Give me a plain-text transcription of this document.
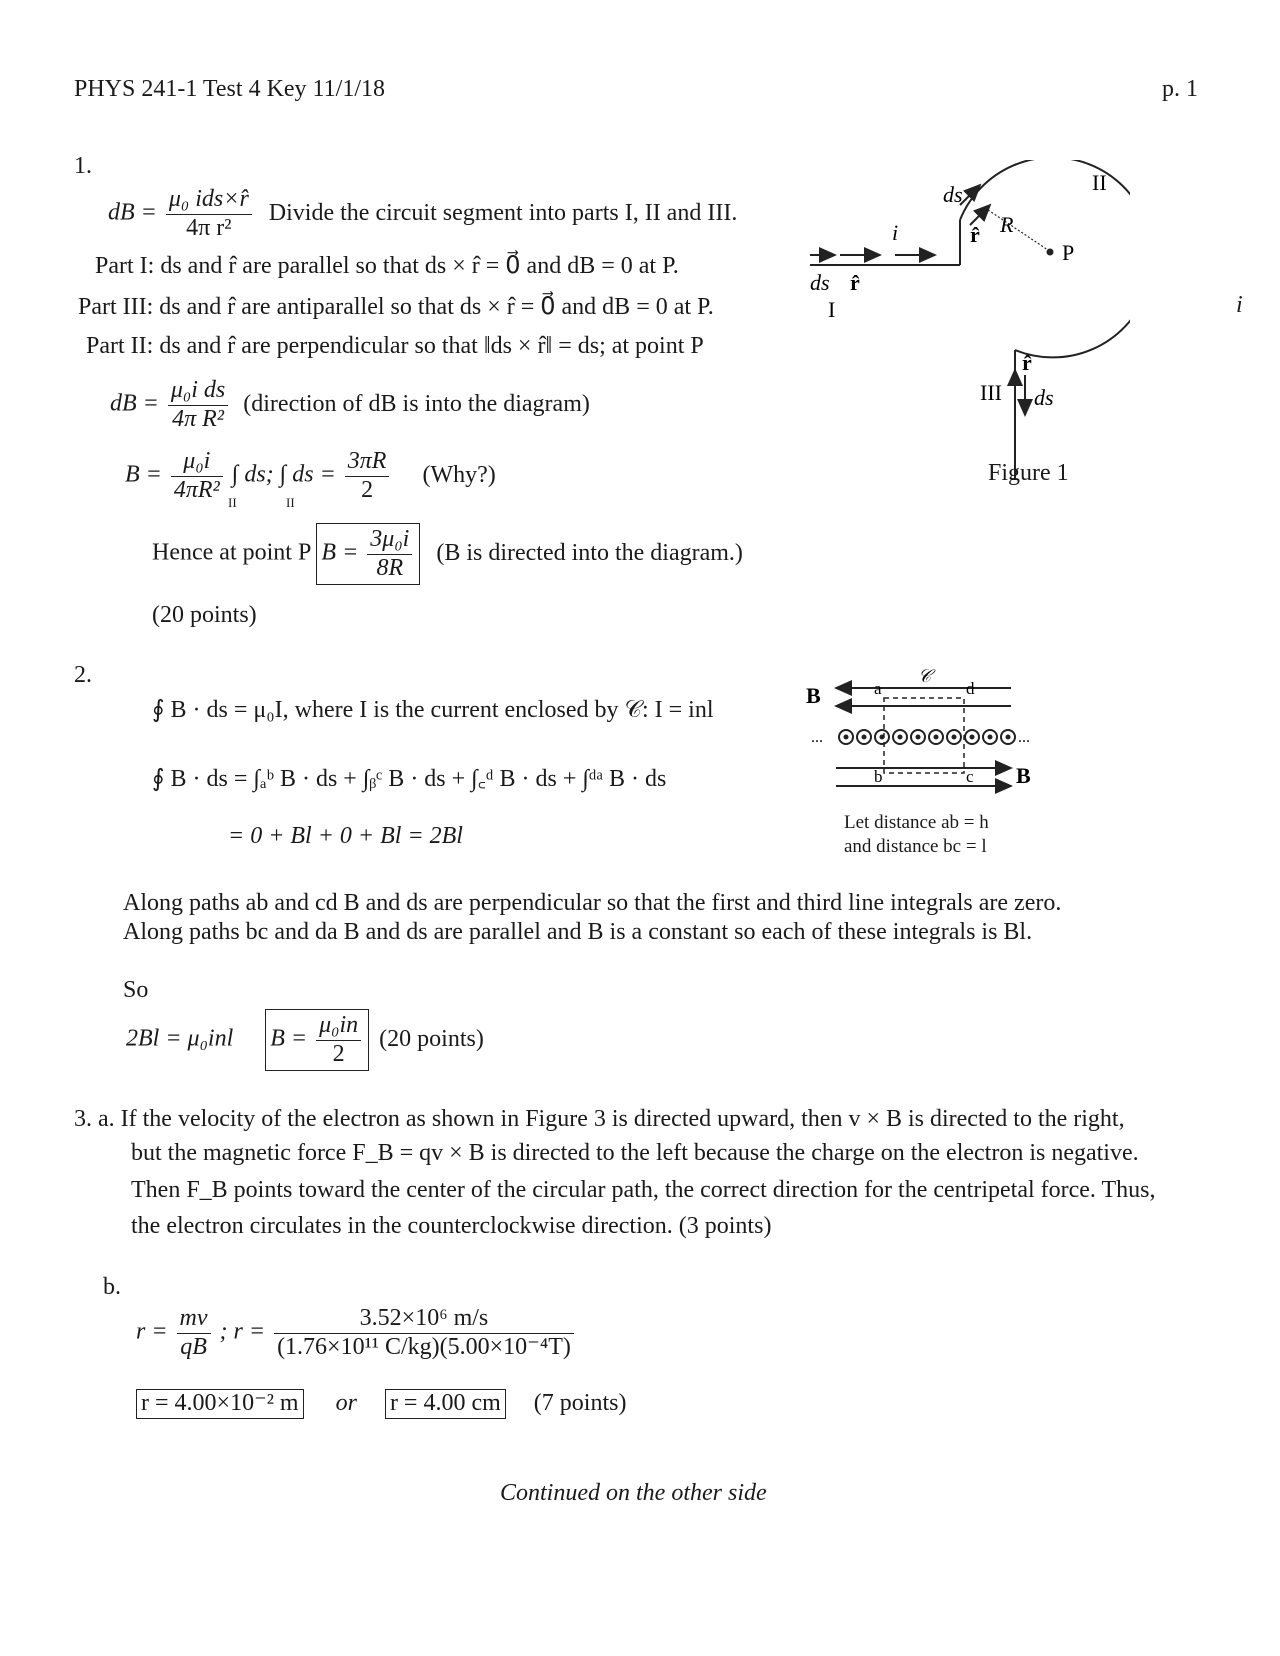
PHYS 241-1 Test 4 Key 11/1/18	p. 1
i
1.
dB = $\frac{\text{μ₀ ids×r̂}}{\text{4π r²}}$ Divide the circuit segment into parts I, II and III.
Part I: ds and r̂ are parallel so that ds × r̂ = 0⃗ and dB = 0 at P.
Part III: ds and r̂ are antiparallel so that ds × r̂ = 0⃗ and dB = 0 at P.
Part II: ds and r̂ are perpendicular so that ‖ds × r̂‖ = ds; at point P
dB = $\frac{\text{μ₀i ds}}{\text{4π R²}}$ (direction of dB is into the diagram)
$B = \frac{\text{μ₀i}}{\text{4πR²}}$ ∫ ds; ∫ ds = $\frac{3\pi R}{2}$ (Why?)
II	II
Hence at point P $B = \frac{\text{3μ₀i}}{8R} (B$ is directed into the diagram.)
(20 points)
ds
r̂ R
P
i
ds r̂
I
II
III
r̂
ds
Figure 1
2.
∮ B · ds = μ₀I, where I is the current enclosed by 𝒞: I = inl
∮ B · ds = ∫ₐᵇ B · ds + ∫ᵦᶜ B · ds + ∫꜀ᵈ B · ds + ∫ᵈᵃ B · ds
= 0 + Bl + 0 + Bl = 2Bl
...	...
B
B
𝒞
a
b	c
d
Let distance ab = h
and distance bc = l
Along paths ab and cd B and ds are perpendicular so that the first and third line integrals are zero.
Along paths bc and da B and ds are parallel and B is a constant so each of these integrals is Bl.
So
2Bl = μ₀inl $B = \frac{\text{μ₀in}}{2} (20$ points)
3. a. If the velocity of the electron as shown in Figure 3 is directed upward, then v × B is directed to the right,
but the magnetic force F_B = qv × B is directed to the left because the charge on the electron is negative.
Then F_B points toward the center of the circular path, the correct direction for the centripetal force. Thus,
the electron circulates in the counterclockwise direction. (3 points)
b.
$r = \frac{mv}{qB}$ ; $r = \frac{\text{3.52×10⁶ m/s}}{\text{(1.76×10¹¹ C/kg)(5.00×10⁻⁴T)}}$
r = 4.00×10⁻² m or r = 4.00 cm (7 points)
Continued on the other side
